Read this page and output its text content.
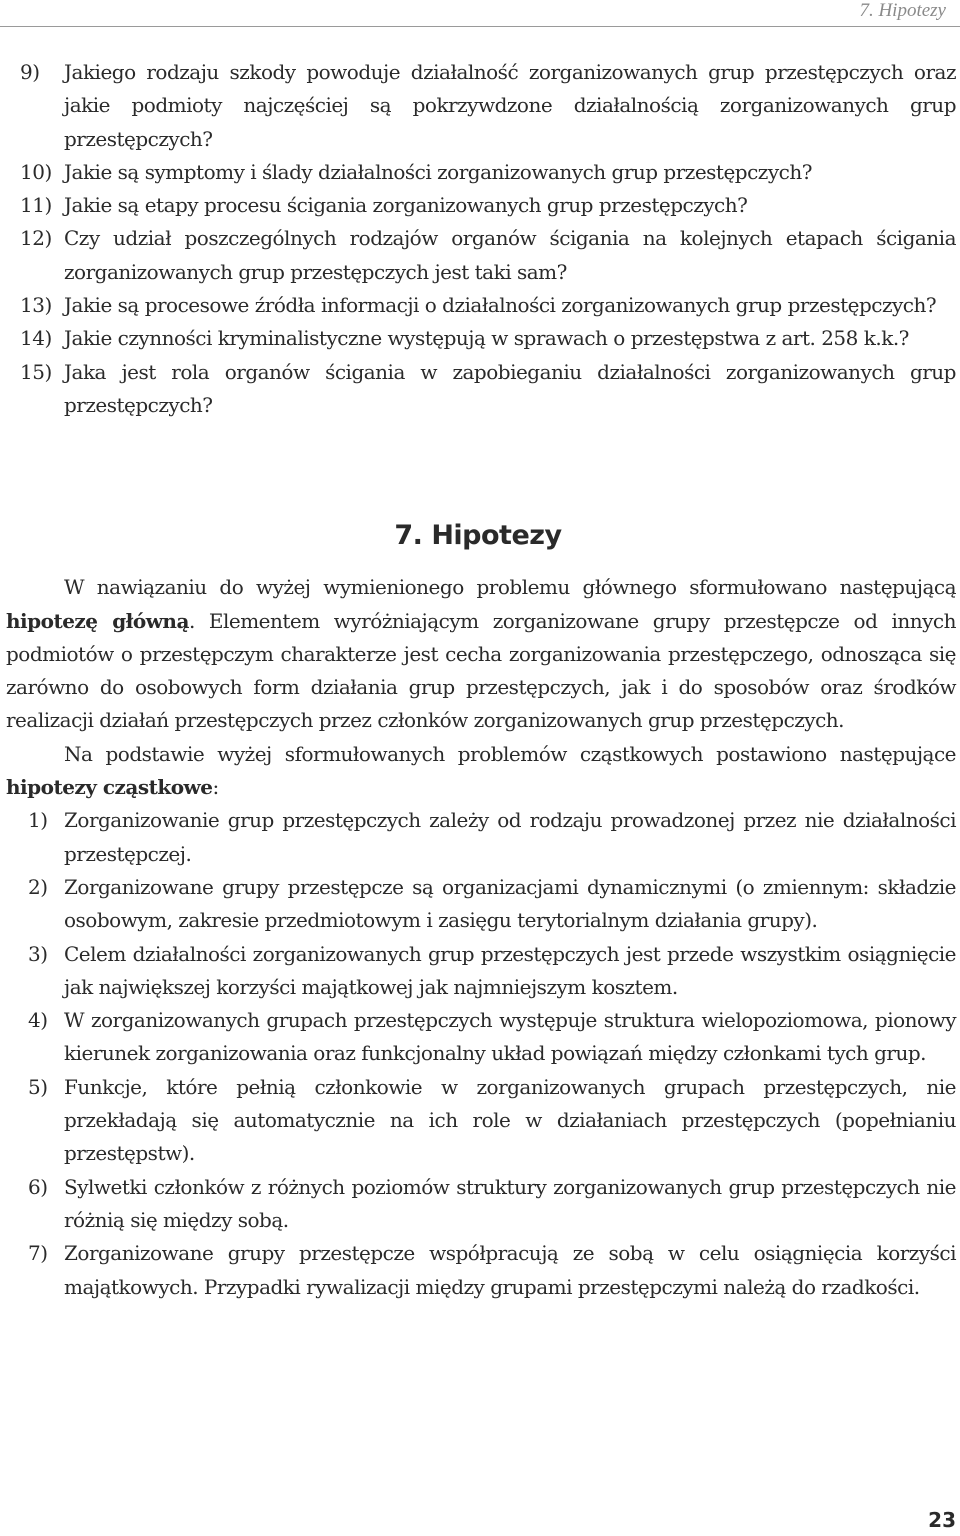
7. Hipotezy
9) Jakiego rodzaju szkody powoduje działalność zorganizowanych grup przestępczych oraz jakie podmioty najczęściej są pokrzywdzone działalnością zorganizowanych grup przestępczych?
10) Jakie są symptomy i ślady działalności zorganizowanych grup przestępczych?
11) Jakie są etapy procesu ścigania zorganizowanych grup przestępczych?
12) Czy udział poszczególnych rodzajów organów ścigania na kolejnych etapach ścigania zorganizowanych grup przestępczych jest taki sam?
13) Jakie są procesowe źródła informacji o działalności zorganizowanych grup przestępczych?
14) Jakie czynności kryminalistyczne występują w sprawach o przestępstwa z art. 258 k.k.?
15) Jaka jest rola organów ścigania w zapobieganiu działalności zorganizowanych grup przestępczych?
7. Hipotezy

W nawiązaniu do wyżej wymienionego problemu głównego sformułowano następującą hipotezę główną. Elementem wyróżniającym zorganizowane grupy przestępcze od innych podmiotów o przestępczym charakterze jest cecha zorganizowania przestępczego, odnosząca się zarówno do osobowych form działania grup przestępczych, jak i do sposobów oraz środków realizacji działań przestępczych przez członków zorganizowanych grup przestępczych.

Na podstawie wyżej sformułowanych problemów cząstkowych postawiono następujące hipotezy cząstkowe:

1) Zorganizowanie grup przestępczych zależy od rodzaju prowadzonej przez nie działalności przestępczej.
2) Zorganizowane grupy przestępcze są organizacjami dynamicznymi (o zmiennym: składzie osobowym, zakresie przedmiotowym i zasięgu terytorialnym działania grupy).
3) Celem działalności zorganizowanych grup przestępczych jest przede wszystkim osiągnięcie jak największej korzyści majątkowej jak najmniejszym kosztem.
4) W zorganizowanych grupach przestępczych występuje struktura wielopoziomowa, pionowy kierunek zorganizowania oraz funkcjonalny układ powiązań między członkami tych grup.
5) Funkcje, które pełnią członkowie w zorganizowanych grupach przestępczych, nie przekładają się automatycznie na ich role w działaniach przestępczych (popełnianiu przestępstw).
6) Sylwetki członków z różnych poziomów struktury zorganizowanych grup przestępczych nie różnią się między sobą.
7) Zorganizowane grupy przestępcze współpracują ze sobą w celu osiągnięcia korzyści majątkowych. Przypadki rywalizacji między grupami przestępczymi należą do rzadkości.
23
